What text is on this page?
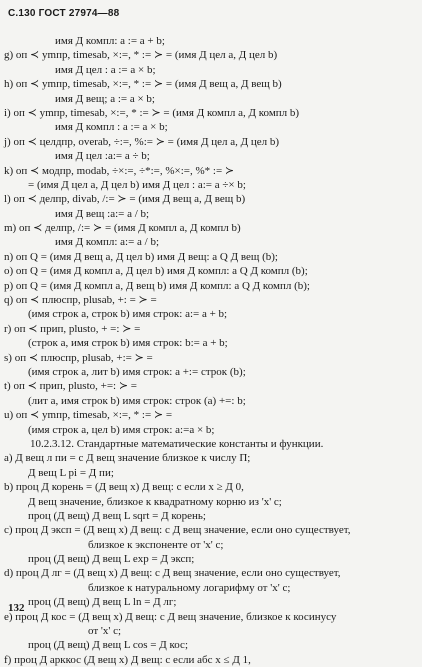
С.130 ГОСТ 27974—88
имя Д компл: а := а + b;
g) оп ≺ уmпр, timesab, ×:=, * := ≻ = (имя Д цел а, Д цел b)
имя Д цел : а := а × b;
h) оп ≺ уmпр, timesab, ×:=, * := ≻ = (имя Д вещ а, Д вещ b)
имя Д вещ; а := а × b;
i) оп ≺ уmпр, timesab, ×:=, * := ≻ = (имя Д компл а, Д компл b)
имя Д компл : а := а × b;
j) оп ≺ целдпр, overab, ÷:=, %:= ≻ = (имя Д цел а, Д цел b)
имя Д цел :а:= а ÷ b;
k) оп ≺ модпр, modab, ÷×:=, ÷*:=, %×:=, %* := ≻
= (имя Д цел а, Д цел b) имя Д цел : а:= а ÷× b;
l) оп ≺ делпр, divab, /:= ≻ = (имя Д вещ а, Д вещ b)
имя Д вещ :а:= а / b;
m) оп ≺ делпр, /:= ≻ = (имя Д компл а, Д компл b)
имя Д компл: а:= а / b;
n) оп Q = (имя Д вещ а, Д цел b) имя Д вещ: а Q Д вещ (b);
o) оп Q = (имя Д компл а, Д цел b) имя Д компл: а Q Д компл (b);
p) оп Q = (имя Д компл а, Д вещ b) имя Д компл: а Q Д компл (b);
q) оп ≺ плюспр, plusab, +: = ≻ =
(имя строк а, строк b) имя строк: а:= а + b;
r) оп ≺ прип, plusto, + =: ≻ =
(строк а, имя строк b) имя строк: b:= а + b;
s) оп ≺ плюспр, plusab, +:= ≻ =
(имя строк а, лит b) имя строк: а +:= строк (b);
t) оп ≺ прип, plusto, +=: ≻ =
(лит а, имя строк b) имя строк: строк (а) +=: b;
u) оп ≺ уmпр, timesab, ×:=, * := ≻ =
(имя строк а, цел b) имя строк: а:=а × b;
10.2.3.12. Стандартные математические константы и функции.
a) Д вещ л пи = с Д вещ значение близкое к числу П;
Д вещ L pi = Д пи;
b) проц Д корень = (Д вещ х) Д вещ: с если х ≥ Д 0,
Д вещ значение, близкое к квадратному корню из 'х' с;
проц (Д вещ) Д вещ L sqrt = Д корень;
c) проц Д эксп = (Д вещ х) Д вещ: с Д вещ значение, если оно существует,
близкое к экспоненте от 'х' с;
проц (Д вещ) Д вещ L exp = Д эксп;
d) проц Д лг = (Д вещ х) Д вещ: с Д вещ значение, если оно существует,
близкое к натуральному логарифму от 'х' с;
проц (Д вещ) Д вещ L ln = Д лг;
e) проц Д кос = (Д вещ х) Д вещ: с Д вещ значение, близкое к косинусу
от 'х' с;
проц (Д вещ) Д вещ L cos = Д кос;
f) проц Д арккос (Д вещ х) Д вещ: с если абс х ≤ Д 1,
132
